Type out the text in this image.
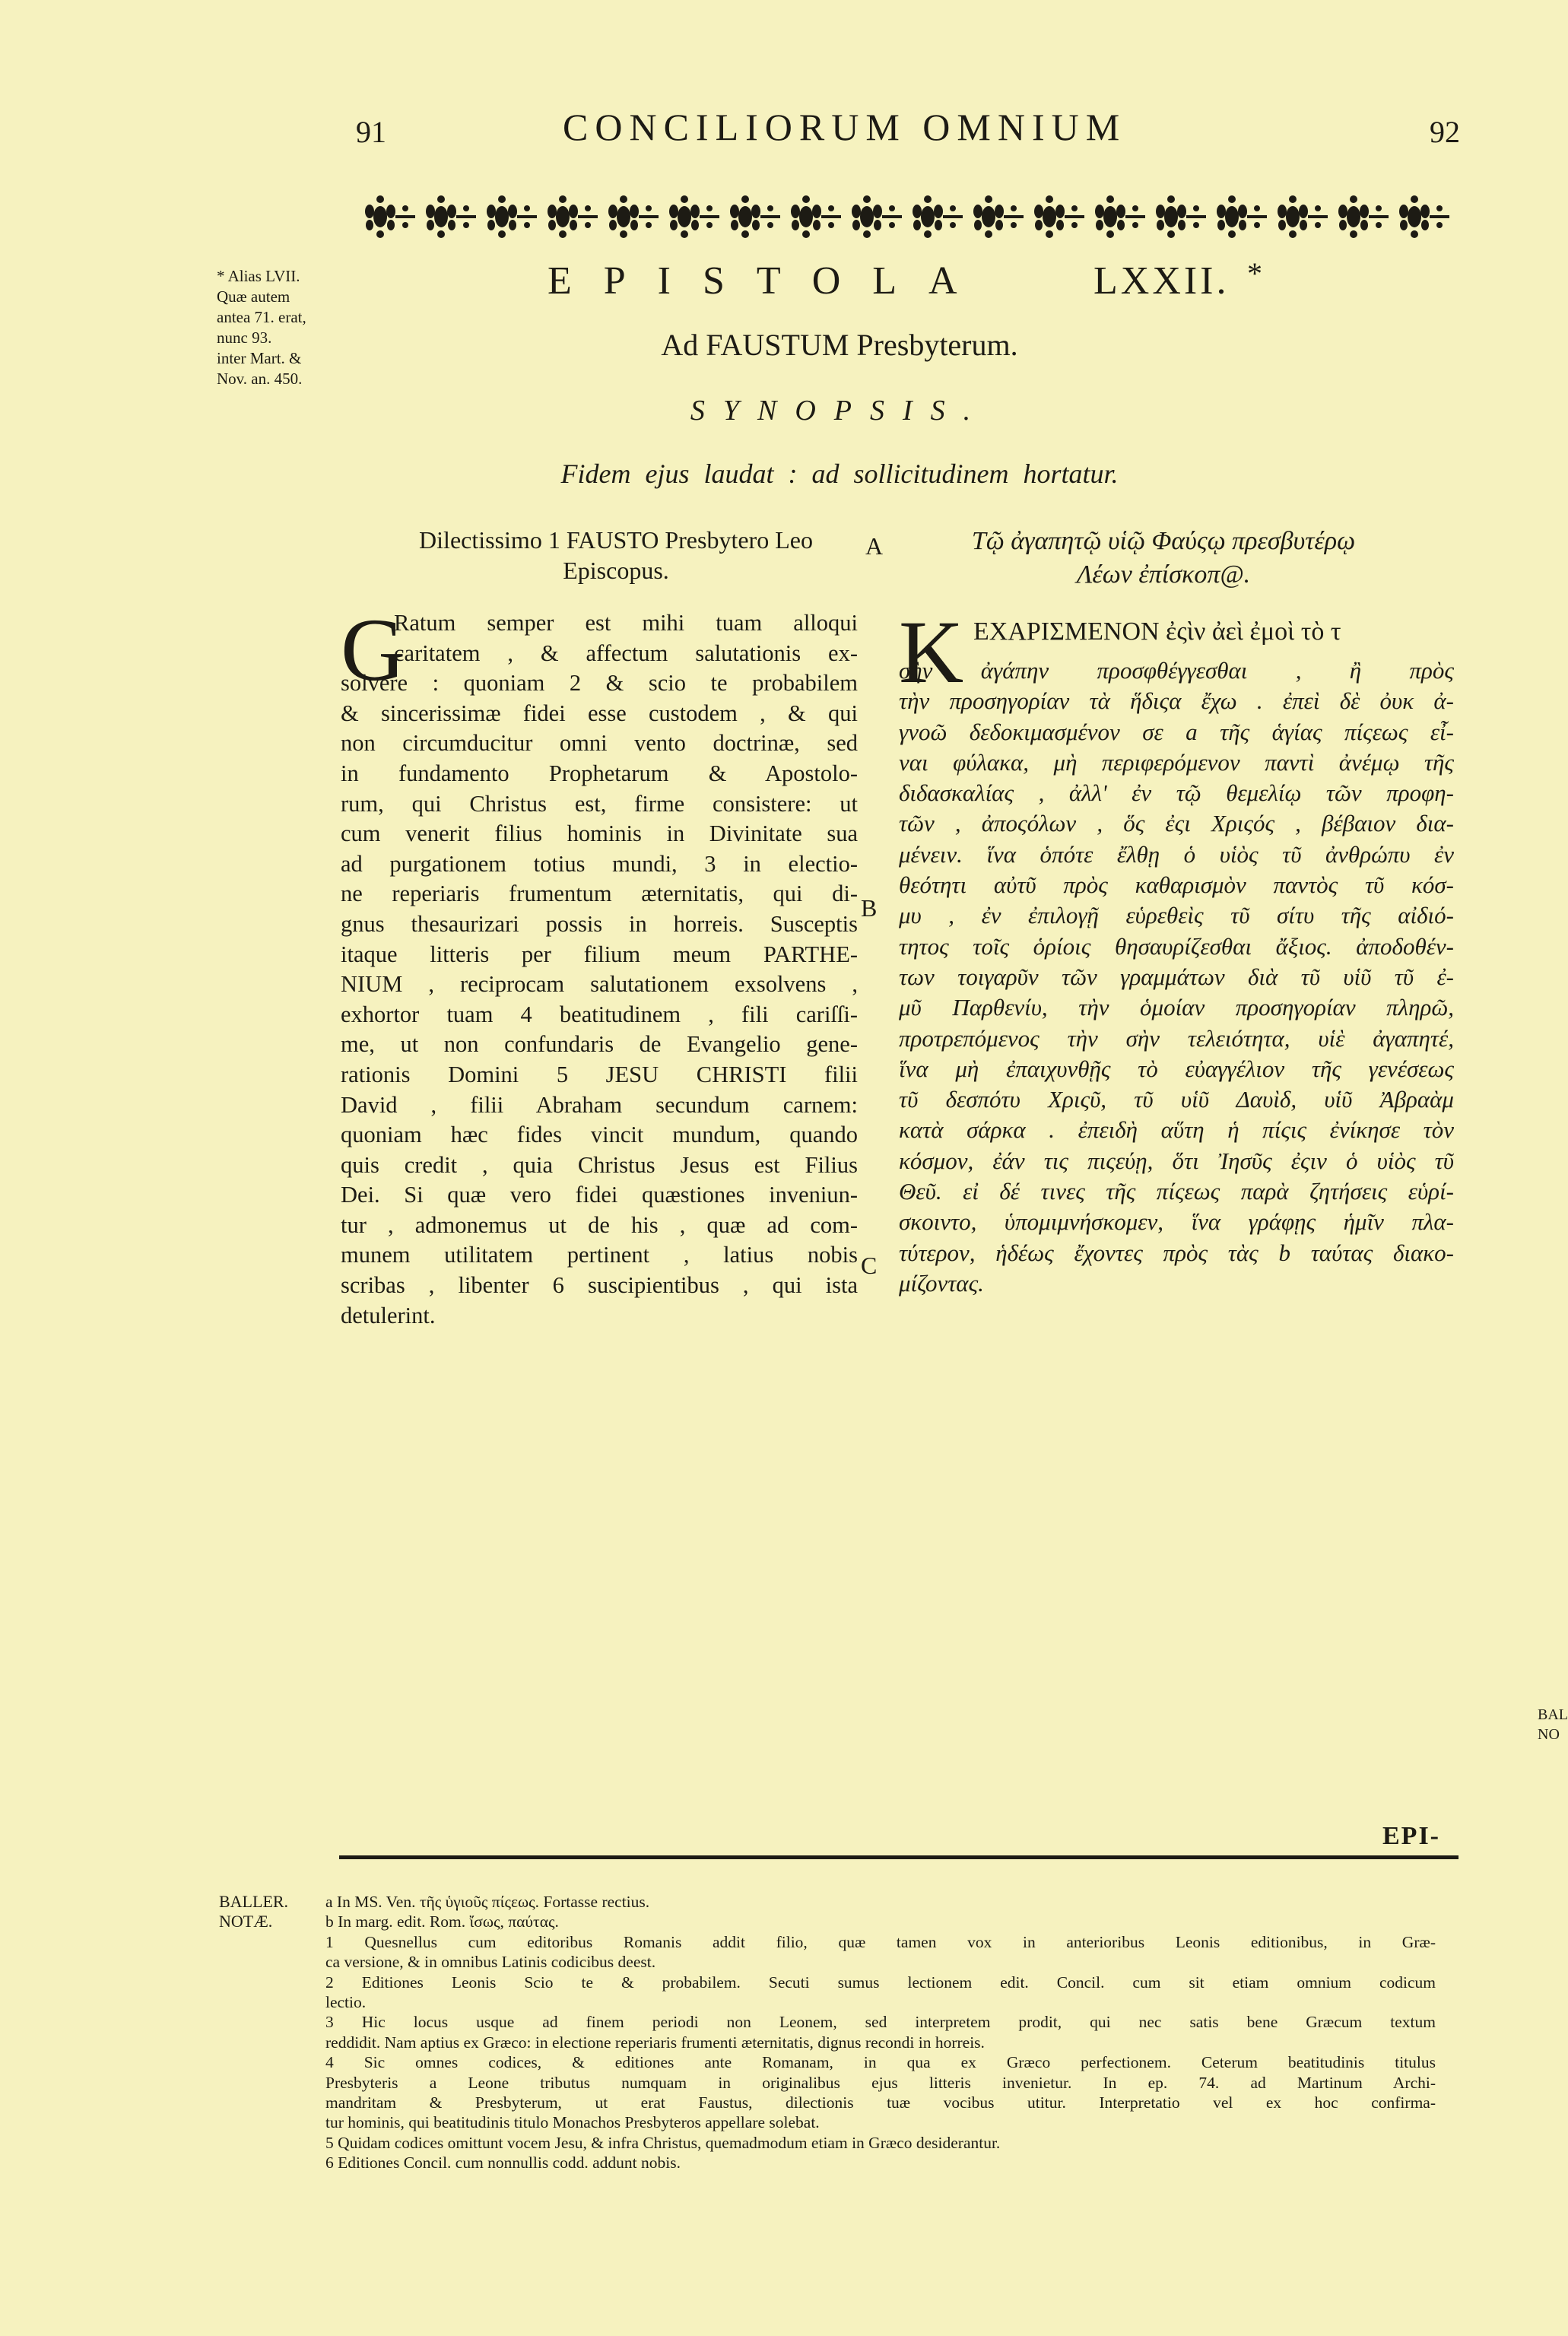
91	CONCILIORUM OMNIUM	92
* Alias LVII.
Quæ autem
antea 71. erat,
nunc 93.
inter Mart. &
Nov. an. 450.
EPISTOLA	LXXII. *
Ad FAUSTUM Presbyterum.
SYNOPSIS.
Fidem ejus laudat : ad sollicitudinem hortatur.
Dilectissimo 1 FAUSTO Presbytero Leo
Episcopus.
Τῷ ἀγαπητῷ υἱῷ Φαύςῳ πρεσβυτέρῳ
Λέων ἐπίσκοπ@.
A
B
C
G
Ratum semper est mihi tuam alloqui
caritatem , & affectum salutationis ex-
solvere : quoniam 2 & scio te probabilem
& sincerissimæ fidei esse custodem , & qui
non circumducitur omni vento doctrinæ, sed
in fundamento Prophetarum & Apostolo-
rum, qui Christus est, firme consistere: ut
cum venerit filius hominis in Divinitate sua
ad purgationem totius mundi, 3 in electio-
ne reperiaris frumentum æternitatis, qui di-
gnus thesaurizari possis in horreis. Susceptis
itaque litteris per filium meum PARTHE-
NIUM , reciprocam salutationem exsolvens ,
exhortor tuam 4 beatitudinem , fili cariſſi-
me, ut non confundaris de Evangelio gene-
rationis Domini 5 JESU CHRISTI filii
David , filii Abraham secundum carnem:
quoniam hæc fides vincit mundum, quando
quis credit , quia Christus Jesus est Filius
Dei. Si quæ vero fidei quæstiones inveniun-
tur , admonemus ut de his , quæ ad com-
munem utilitatem pertinent , latius nobis
scribas , libenter 6 suscipientibus , qui ista
detulerint.
K ΕΧΑΡΙΣΜΕΝΟΝ ἐςὶν ἀεὶ ἐμοὶ τὸ τ
σὴν ἀγάπην προσφθέγγεσθαι , ἢ πρὸς
τὴν προσηγορίαν τὰ ἥδιςα ἔχω . ἐπεὶ δὲ ὀυκ ἀ-
γνοῶ δεδοκιμασμένον σε a τῆς ἁγίας πίςεως εἶ-
ναι φύλακα, μὴ περιφερόμενον παντὶ ἀνέμῳ τῆς
διδασκαλίας , ἀλλ' ἐν τῷ θεμελίῳ τῶν προφη-
τῶν , ἀποςόλων , ὅς ἐςι Χριςός , βέβαιον δια-
μένειν. ἵνα ὁπότε ἔλθῃ ὁ υἱὸς τῦ ἀνθρώπυ ἐν
θεότητι αὐτῦ πρὸς καθαρισμὸν παντὸς τῦ κόσ-
μυ , ἐν ἐπιλογῇ εὑρεθεὶς τῦ σίτυ τῆς αἰδιό-
τητος τοῖς ὁρίοις θησαυρίζεσθαι ἄξιος. ἀποδοθέν-
των τοιγαρῦν τῶν γραμμάτων διὰ τῦ υἱῦ τῦ ἐ-
μῦ Παρθενίυ, τὴν ὁμοίαν προσηγορίαν πληρῶ,
προτρεπόμενος τὴν σὴν τελειότητα, υἱὲ ἀγαπητέ,
ἵνα μὴ ἐπαιχυνθῇς τὸ εὐαγγέλιον τῆς γενέσεως
τῦ δεσπότυ Χριςῦ, τῦ υἱῦ Δαυὶδ, υἱῦ Ἀβραὰμ
κατὰ σάρκα . ἐπειδὴ αὕτη ἡ πίςις ἐνίκησε τὸν
κόσμον, ἐάν τις πιςεύῃ, ὅτι Ἰησῦς ἐςιν ὁ υἱὸς τῦ
Θεῦ. εἰ δέ τινες τῆς πίςεως παρὰ ζητήσεις εὑρί-
σκοιντο, ὑπομιμνήσκομεν, ἵνα γράφῃς ἡμῖν πλα-
τύτερον, ἡδέως ἔχοντες πρὸς τὰς b ταύτας διακο-
μίζοντας.
EPI-
BAL
NO
BALLER.
NOTÆ.
a In MS. Ven. τῆς ὑγιοῦς πίςεως. Fortasse rectius.
b In marg. edit. Rom. ἴσως, παύτας.
1 Quesnellus cum editoribus Romanis addit filio, quæ tamen vox in anterioribus Leonis editionibus, in Græ-
ca versione, & in omnibus Latinis codicibus deest.
2 Editiones Leonis Scio te & probabilem. Secuti sumus lectionem edit. Concil. cum sit etiam omnium codicum
lectio.
3 Hic locus usque ad finem periodi non Leonem, sed interpretem prodit, qui nec satis bene Græcum textum
reddidit. Nam aptius ex Græco: in electione reperiaris frumenti æternitatis, dignus recondi in horreis.
4 Sic omnes codices, & editiones ante Romanam, in qua ex Græco perfectionem. Ceterum beatitudinis titulus
Presbyteris a Leone tributus numquam in originalibus ejus litteris invenietur. In ep. 74. ad Martinum Archi-
mandritam & Presbyterum, ut erat Faustus, dilectionis tuæ vocibus utitur. Interpretatio vel ex hoc confirma-
tur hominis, qui beatitudinis titulo Monachos Presbyteros appellare solebat.
5 Quidam codices omittunt vocem Jesu, & infra Christus, quemadmodum etiam in Græco desiderantur.
6 Editiones Concil. cum nonnullis codd. addunt nobis.
